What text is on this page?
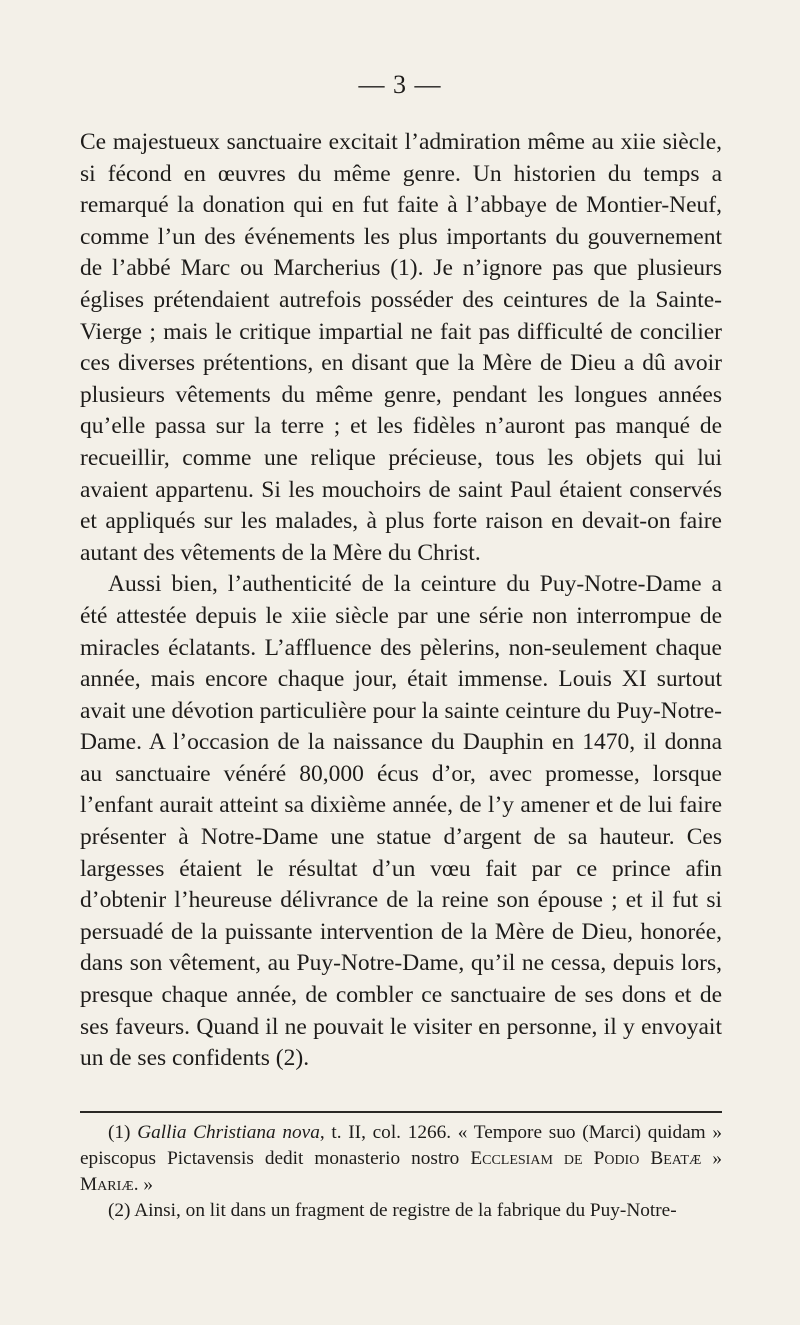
— 3 —

Ce majestueux sanctuaire excitait l’admiration même au xiie siècle, si fécond en œuvres du même genre. Un historien du temps a remarqué la donation qui en fut faite à l’abbaye de Montier-Neuf, comme l’un des événements les plus importants du gouvernement de l’abbé Marc ou Marcherius (1). Je n’ignore pas que plusieurs églises prétendaient autrefois posséder des ceintures de la Sainte-Vierge ; mais le critique impartial ne fait pas difficulté de concilier ces diverses prétentions, en disant que la Mère de Dieu a dû avoir plusieurs vêtements du même genre, pendant les longues années qu’elle passa sur la terre ; et les fidèles n’auront pas manqué de recueillir, comme une relique précieuse, tous les objets qui lui avaient appartenu. Si les mouchoirs de saint Paul étaient conservés et appliqués sur les malades, à plus forte raison en devait-on faire autant des vêtements de la Mère du Christ.

Aussi bien, l’authenticité de la ceinture du Puy-Notre-Dame a été attestée depuis le xiie siècle par une série non interrompue de miracles éclatants. L’affluence des pèlerins, non-seulement chaque année, mais encore chaque jour, était immense. Louis XI surtout avait une dévotion particulière pour la sainte ceinture du Puy-Notre-Dame. A l’occasion de la naissance du Dauphin en 1470, il donna au sanctuaire vénéré 80,000 écus d’or, avec promesse, lorsque l’enfant aurait atteint sa dixième année, de l’y amener et de lui faire présenter à Notre-Dame une statue d’argent de sa hauteur. Ces largesses étaient le résultat d’un vœu fait par ce prince afin d’obtenir l’heureuse délivrance de la reine son épouse ; et il fut si persuadé de la puissante intervention de la Mère de Dieu, honorée, dans son vêtement, au Puy-Notre-Dame, qu’il ne cessa, depuis lors, presque chaque année, de combler ce sanctuaire de ses dons et de ses faveurs. Quand il ne pouvait le visiter en personne, il y envoyait un de ses confidents (2).

(1) Gallia Christiana nova, t. II, col. 1266. « Tempore suo (Marci) quidam » episcopus Pictavensis dedit monasterio nostro Ecclesiam de Podio Beatæ » Mariæ. »

(2) Ainsi, on lit dans un fragment de registre de la fabrique du Puy-Notre-
